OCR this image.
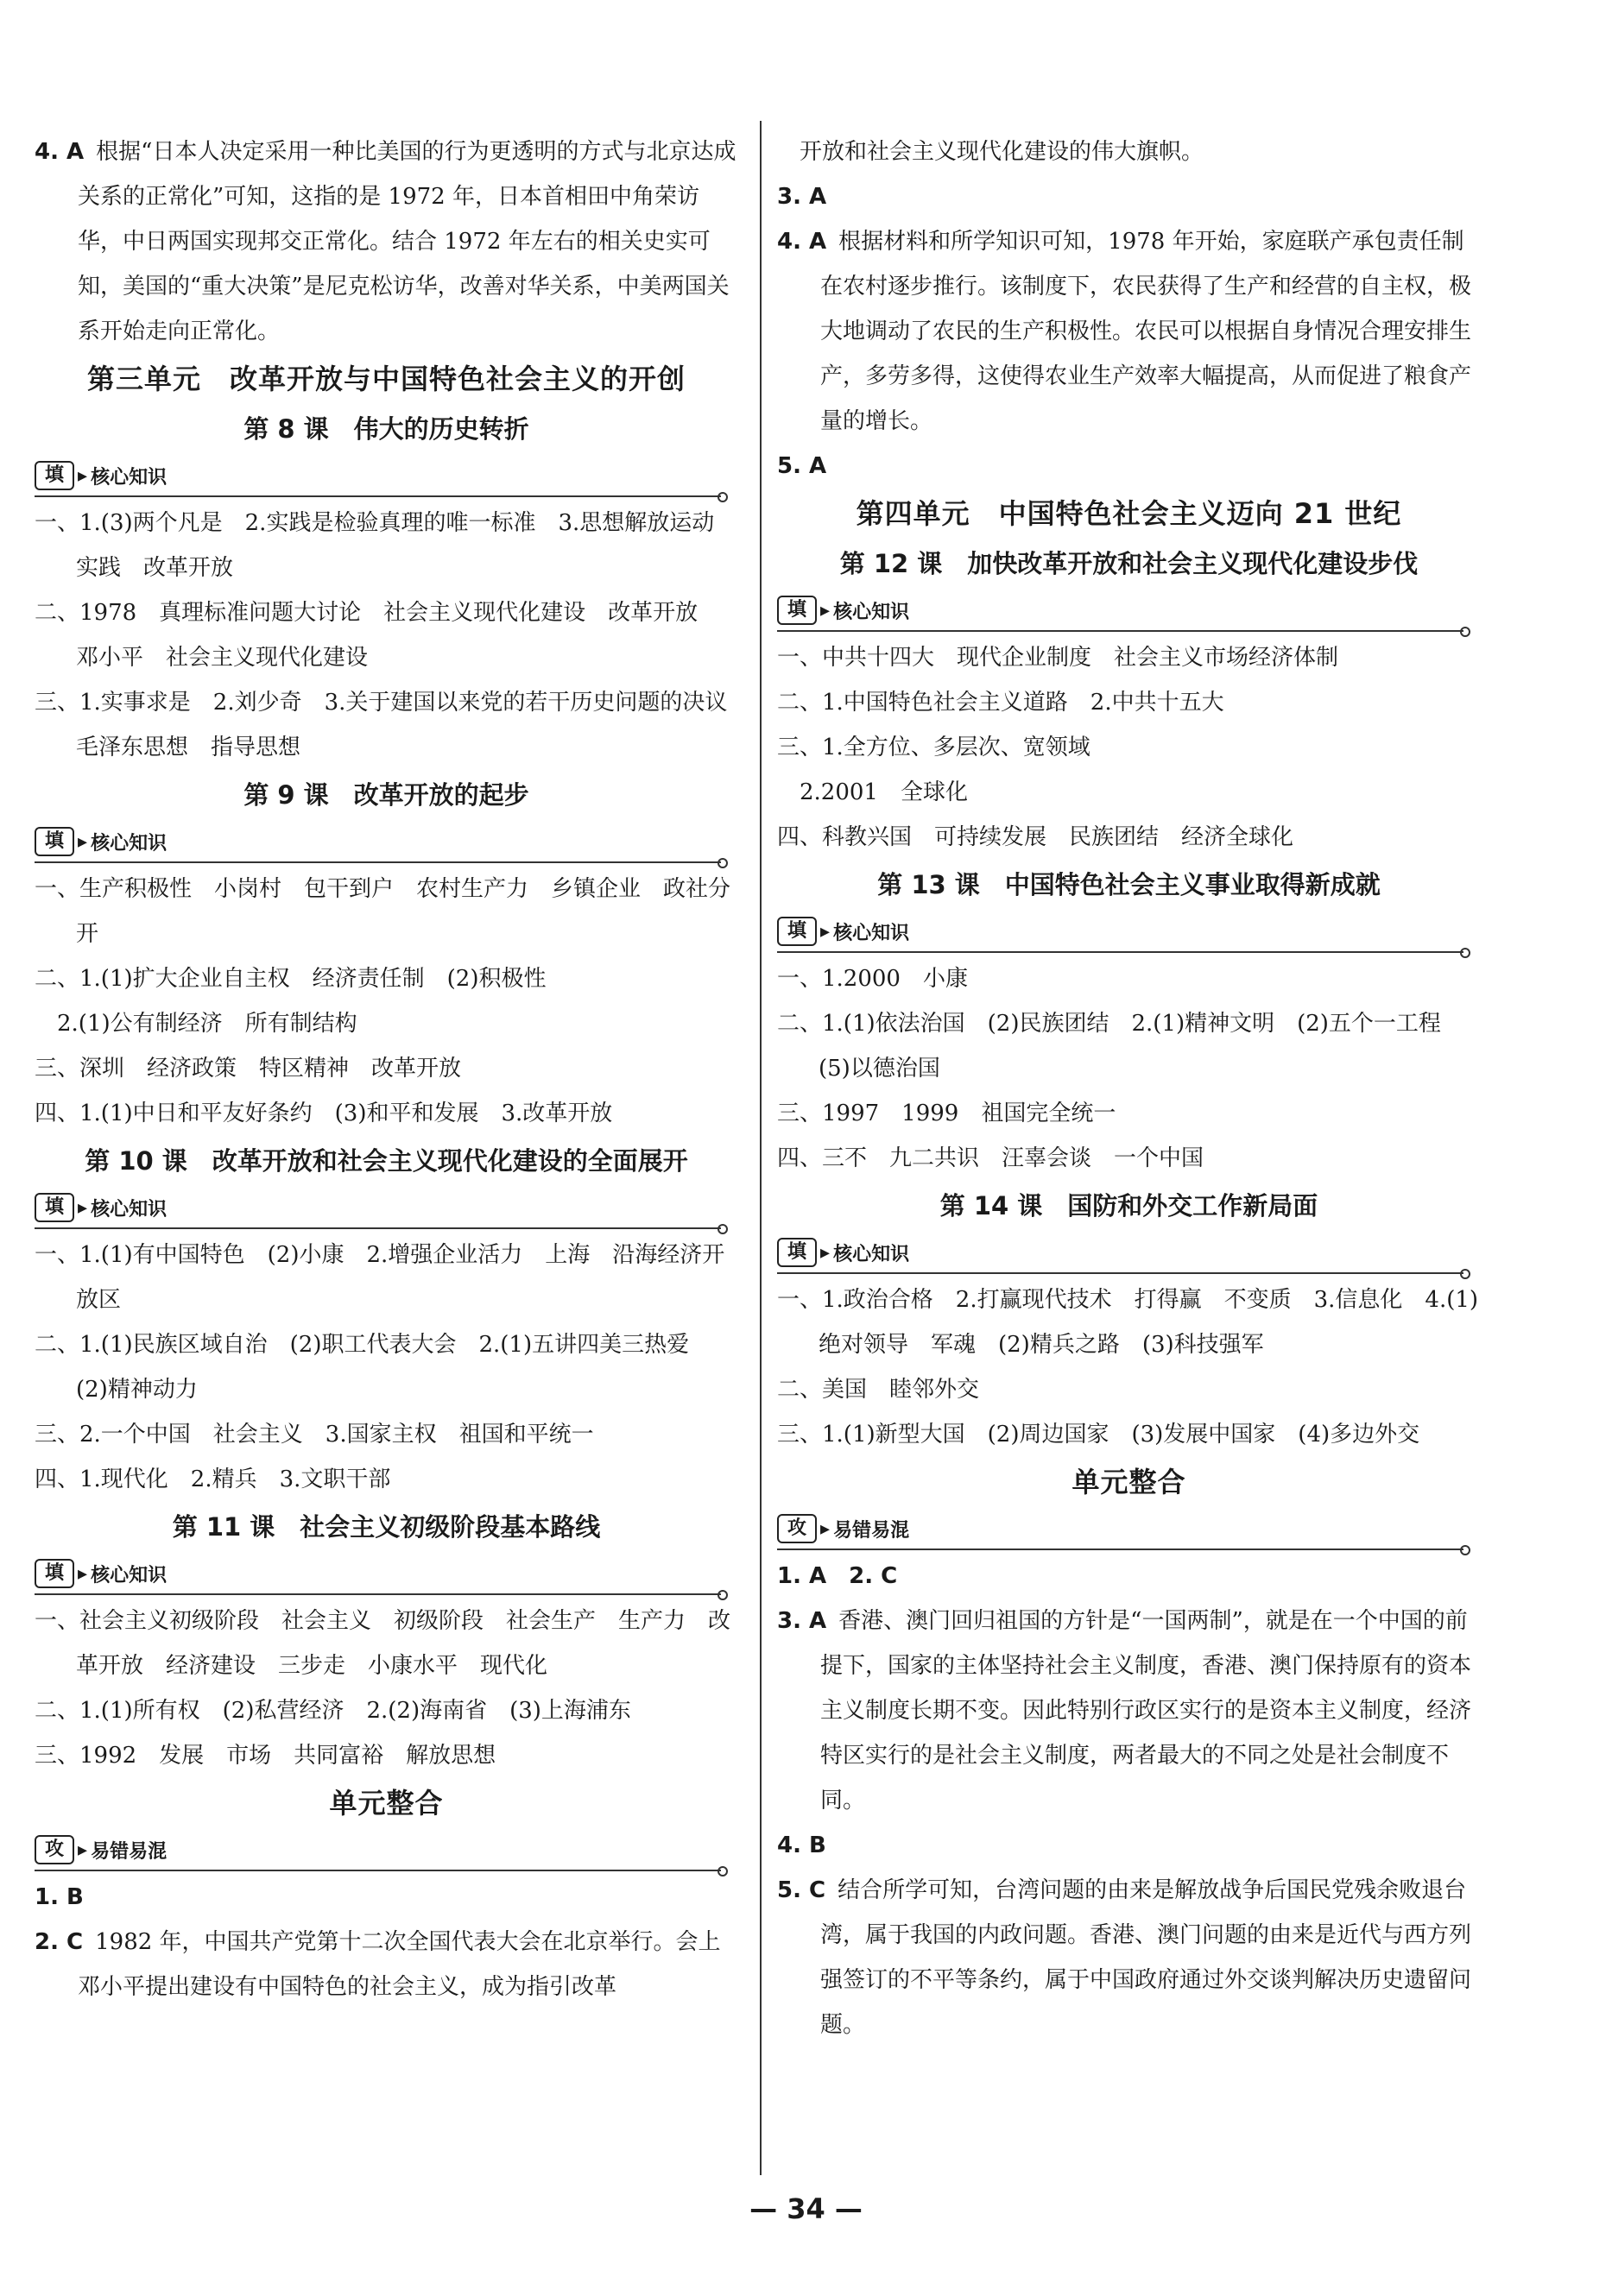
4. A 根据“日本人决定采用一种比美国的行为更透明的方式与北京达成关系的正常化”可知，这指的是 1972 年，日本首相田中角荣访华，中日两国实现邦交正常化。结合 1972 年左右的相关史实可知，美国的“重大决策”是尼克松访华，改善对华关系，中美两国关系开始走向正常化。
第三单元　改革开放与中国特色社会主义的开创
第 8 课　伟大的历史转折
填 ▸ 核心知识
一、1.(3)两个凡是　2.实践是检验真理的唯一标准　3.思想解放运动　实践　改革开放
二、1978　真理标准问题大讨论　社会主义现代化建设　改革开放　邓小平　社会主义现代化建设
三、1.实事求是　2.刘少奇　3.关于建国以来党的若干历史问题的决议　毛泽东思想　指导思想
第 9 课　改革开放的起步
填 ▸ 核心知识
一、生产积极性　小岗村　包干到户　农村生产力　乡镇企业　政社分开
二、1.(1)扩大企业自主权　经济责任制　(2)积极性
　2.(1)公有制经济　所有制结构
三、深圳　经济政策　特区精神　改革开放
四、1.(1)中日和平友好条约　(3)和平和发展　3.改革开放
第 10 课　改革开放和社会主义现代化建设的全面展开
填 ▸ 核心知识
一、1.(1)有中国特色　(2)小康　2.增强企业活力　上海　沿海经济开放区
二、1.(1)民族区域自治　(2)职工代表大会　2.(1)五讲四美三热爱　(2)精神动力
三、2.一个中国　社会主义　3.国家主权　祖国和平统一
四、1.现代化　2.精兵　3.文职干部
第 11 课　社会主义初级阶段基本路线
填 ▸ 核心知识
一、社会主义初级阶段　社会主义　初级阶段　社会生产　生产力　改革开放　经济建设　三步走　小康水平　现代化
二、1.(1)所有权　(2)私营经济　2.(2)海南省　(3)上海浦东
三、1992　发展　市场　共同富裕　解放思想
单元整合
攻 ▸ 易错易混
1. B
2. C 1982 年，中国共产党第十二次全国代表大会在北京举行。会上邓小平提出建设有中国特色的社会主义，成为指引改革
开放和社会主义现代化建设的伟大旗帜。
3. A
4. A 根据材料和所学知识可知，1978 年开始，家庭联产承包责任制在农村逐步推行。该制度下，农民获得了生产和经营的自主权，极大地调动了农民的生产积极性。农民可以根据自身情况合理安排生产，多劳多得，这使得农业生产效率大幅提高，从而促进了粮食产量的增长。
5. A
第四单元　中国特色社会主义迈向 21 世纪
第 12 课　加快改革开放和社会主义现代化建设步伐
填 ▸ 核心知识
一、中共十四大　现代企业制度　社会主义市场经济体制
二、1.中国特色社会主义道路　2.中共十五大
三、1.全方位、多层次、宽领域
　2.2001　全球化
四、科教兴国　可持续发展　民族团结　经济全球化
第 13 课　中国特色社会主义事业取得新成就
填 ▸ 核心知识
一、1.2000　小康
二、1.(1)依法治国　(2)民族团结　2.(1)精神文明　(2)五个一工程　(5)以德治国
三、1997　1999　祖国完全统一
四、三不　九二共识　汪辜会谈　一个中国
第 14 课　国防和外交工作新局面
填 ▸ 核心知识
一、1.政治合格　2.打赢现代技术　打得赢　不变质　3.信息化　4.(1)绝对领导　军魂　(2)精兵之路　(3)科技强军
二、美国　睦邻外交
三、1.(1)新型大国　(2)周边国家　(3)发展中国家　(4)多边外交
单元整合
攻 ▸ 易错易混
1. A　2. C
3. A 香港、澳门回归祖国的方针是“一国两制”，就是在一个中国的前提下，国家的主体坚持社会主义制度，香港、澳门保持原有的资本主义制度长期不变。因此特别行政区实行的是资本主义制度，经济特区实行的是社会主义制度，两者最大的不同之处是社会制度不同。
4. B
5. C 结合所学可知，台湾问题的由来是解放战争后国民党残余败退台湾，属于我国的内政问题。香港、澳门问题的由来是近代与西方列强签订的不平等条约，属于中国政府通过外交谈判解决历史遗留问题。
— 34 —
